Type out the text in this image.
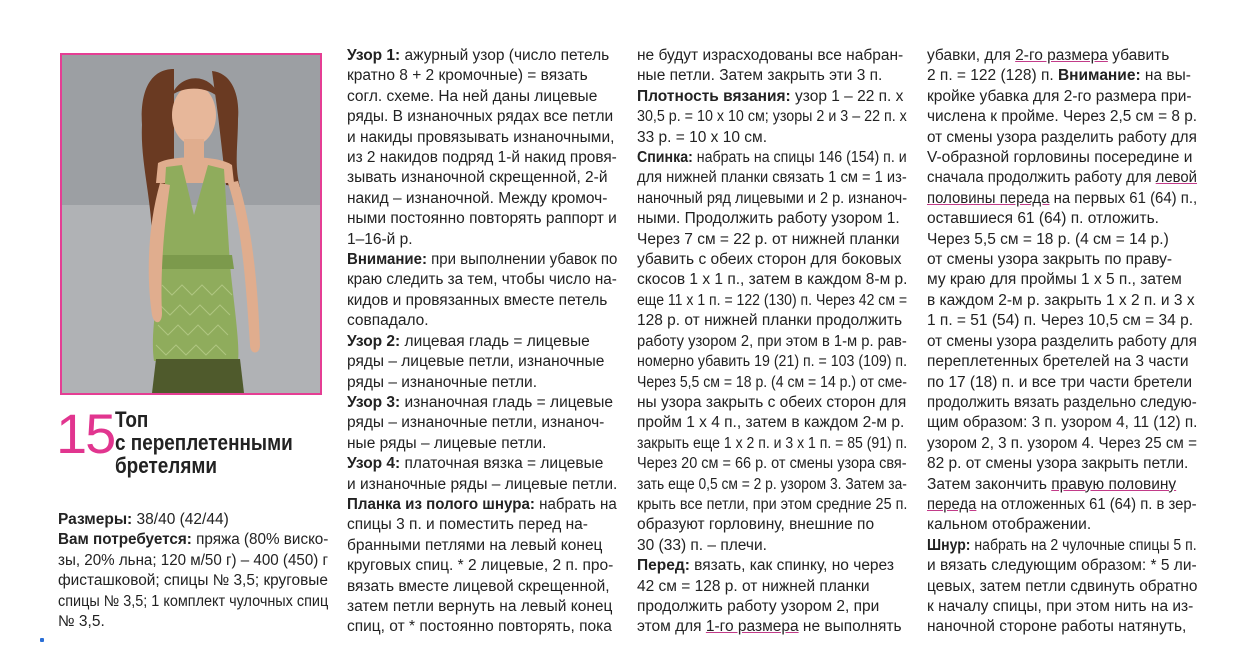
15 Топ
с переплетенными
бретелями
Размеры: 38/40 (42/44)
Вам потребуется: пряжа (80% вискo-
зы, 20% льна; 120 м/50 г) – 400 (450) г
фисташковой; спицы № 3,5; круговые
спицы № 3,5; 1 комплект чулочных спиц
№ 3,5.
Узор 1: ажурный узор (число петель
кратно 8 + 2 кромочные) = вязать
согл. схеме. На ней даны лицевые
ряды. В изнаночных рядах все петли
и накиды провязывать изнаночными,
из 2 накидов подряд 1-й накид провя-
зывать изнаночной скрещенной, 2-й
накид – изнаночной. Между кромоч-
ными постоянно повторять раппорт и
1–16-й р.
Внимание: при выполнении убавок по
краю следить за тем, чтобы число на-
кидов и провязанных вместе петель
совпадало.
Узор 2: лицевая гладь = лицевые
ряды – лицевые петли, изнаночные
ряды – изнаночные петли.
Узор 3: изнаночная гладь = лицевые
ряды – изнаночные петли, изнаноч-
ные ряды – лицевые петли.
Узор 4: платочная вязка = лицевые
и изнаночные ряды – лицевые петли.
Планка из полого шнура: набрать на
спицы 3 п. и поместить перед на-
бранными петлями на левый конец
круговых спиц. * 2 лицевые, 2 п. про-
вязать вместе лицевой скрещенной,
затем петли вернуть на левый конец
спиц, от * постоянно повторять, пока
не будут израсходованы все набран-
ные петли. Затем закрыть эти 3 п.
Плотность вязания: узор 1 – 22 п. х
30,5 р. = 10 х 10 см; узоры 2 и 3 – 22 п. х
33 р. = 10 х 10 см.
Спинка: набрать на спицы 146 (154) п. и
для нижней планки связать 1 см = 1 из-
наночный ряд лицевыми и 2 р. изнаноч-
ными. Продолжить работу узором 1.
Через 7 см = 22 р. от нижней планки
убавить с обеих сторон для боковых
скосов 1 х 1 п., затем в каждом 8-м р.
еще 11 х 1 п. = 122 (130) п. Через 42 см =
128 р. от нижней планки продолжить
работу узором 2, при этом в 1-м р. рав-
номерно убавить 19 (21) п. = 103 (109) п.
Через 5,5 см = 18 р. (4 см = 14 р.) от сме-
ны узора закрыть с обеих сторон для
пройм 1 х 4 п., затем в каждом 2-м р.
закрыть еще 1 х 2 п. и 3 х 1 п. = 85 (91) п.
Через 20 см = 66 р. от смены узора свя-
зать еще 0,5 см = 2 р. узором 3. Затем за-
крыть все петли, при этом средние 25 п.
образуют горловину, внешние по
30 (33) п. – плечи.
Перед: вязать, как спинку, но через
42 см = 128 р. от нижней планки
продолжить работу узором 2, при
этом для 1-го размера не выполнять
убавки, для 2-го размера убавить
2 п. = 122 (128) п. Внимание: на вы-
кройке убавка для 2-го размера при-
числена к пройме. Через 2,5 см = 8 р.
от смены узора разделить работу для
V-образной горловины посередине и
сначала продолжить работу для левой
половины переда на первых 61 (64) п.,
оставшиеся 61 (64) п. отложить.
Через 5,5 см = 18 р. (4 см = 14 р.)
от смены узора закрыть по праву-
му краю для проймы 1 х 5 п., затем
в каждом 2-м р. закрыть 1 х 2 п. и 3 х
1 п. = 51 (54) п. Через 10,5 см = 34 р.
от смены узора разделить работу для
переплетенных бретелей на 3 части
по 17 (18) п. и все три части бретели
продолжить вязать раздельно следую-
щим образом: 3 п. узором 4, 11 (12) п.
узором 2, 3 п. узором 4. Через 25 см =
82 р. от смены узора закрыть петли.
Затем закончить правую половину
переда на отложенных 61 (64) п. в зер-
кальном отображении.
Шнур: набрать на 2 чулочные спицы 5 п.
и вязать следующим образом: * 5 ли-
цевых, затем петли сдвинуть обратно
к началу спицы, при этом нить на из-
наночной стороне работы натянуть,
